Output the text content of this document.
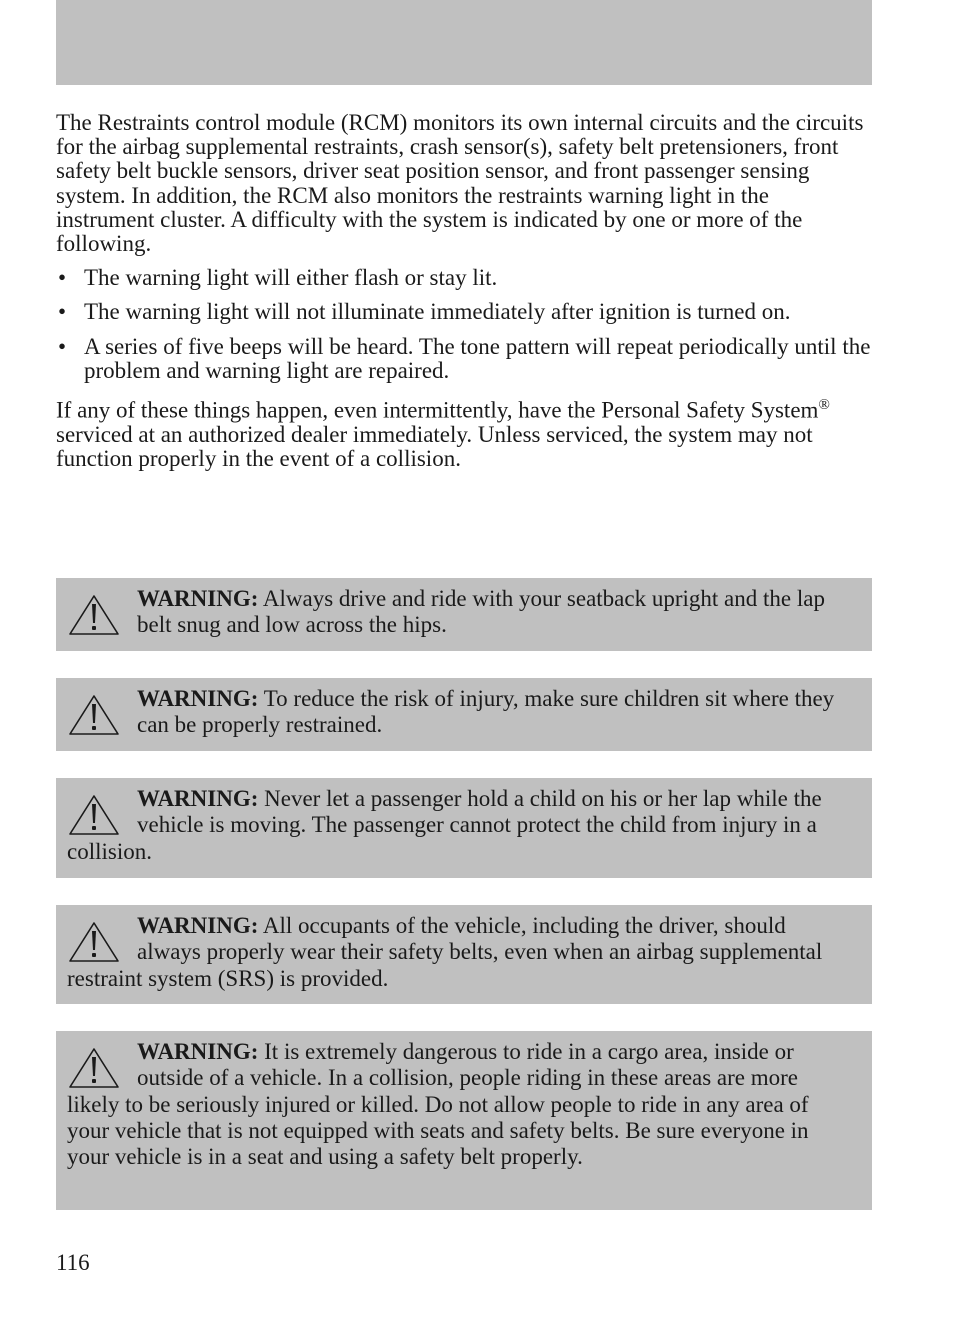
The Restraints control module (RCM) monitors its own internal circuits and the circuits for the airbag supplemental restraints, crash sensor(s), safety belt pretensioners, front safety belt buckle sensors, driver seat position sensor, and front passenger sensing system. In addition, the RCM also monitors the restraints warning light in the instrument cluster. A difficulty with the system is indicated by one or more of the following.

• The warning light will either flash or stay lit.
• The warning light will not illuminate immediately after ignition is turned on.
• A series of five beeps will be heard. The tone pattern will repeat periodically until the problem and warning light are repaired.

If any of these things happen, even intermittently, have the Personal Safety System® serviced at an authorized dealer immediately. Unless serviced, the system may not function properly in the event of a collision.

WARNING: Always drive and ride with your seatback upright and the lap belt snug and low across the hips.
WARNING: To reduce the risk of injury, make sure children sit where they can be properly restrained.
WARNING: Never let a passenger hold a child on his or her lap while the vehicle is moving. The passenger cannot protect the child from injury in a collision.
WARNING: All occupants of the vehicle, including the driver, should always properly wear their safety belts, even when an airbag supplemental restraint system (SRS) is provided.
WARNING: It is extremely dangerous to ride in a cargo area, inside or outside of a vehicle. In a collision, people riding in these areas are more likely to be seriously injured or killed. Do not allow people to ride in any area of your vehicle that is not equipped with seats and safety belts. Be sure everyone in your vehicle is in a seat and using a safety belt properly.
116
